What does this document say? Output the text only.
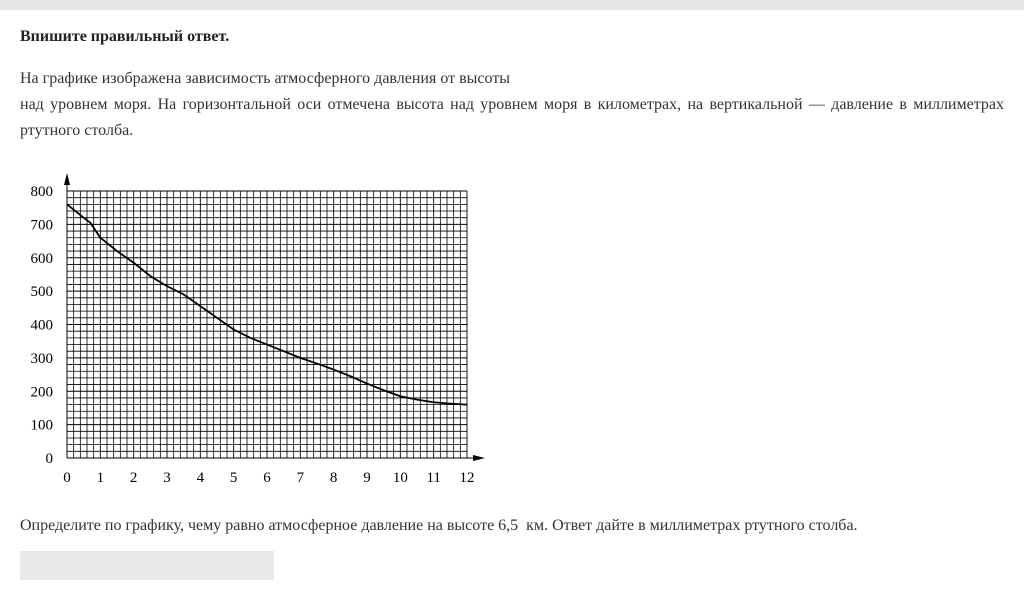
Впишите правильный ответ.
На графике изображена зависимость атмосферного давления от высоты
над уровнем моря. На горизонтальной оси отмечена высота над уровнем моря в километрах, на вертикальной — давление в миллиметрах ртутного столба.
0 1 2 3 4 5 6 7 8 9 10 11 12
0
100
200
300
400
500
600
700
800
Определите по графику, чему равно атмосферное давление на высоте 6,5  км. Ответ дайте в миллиметрах ртутного столба.
